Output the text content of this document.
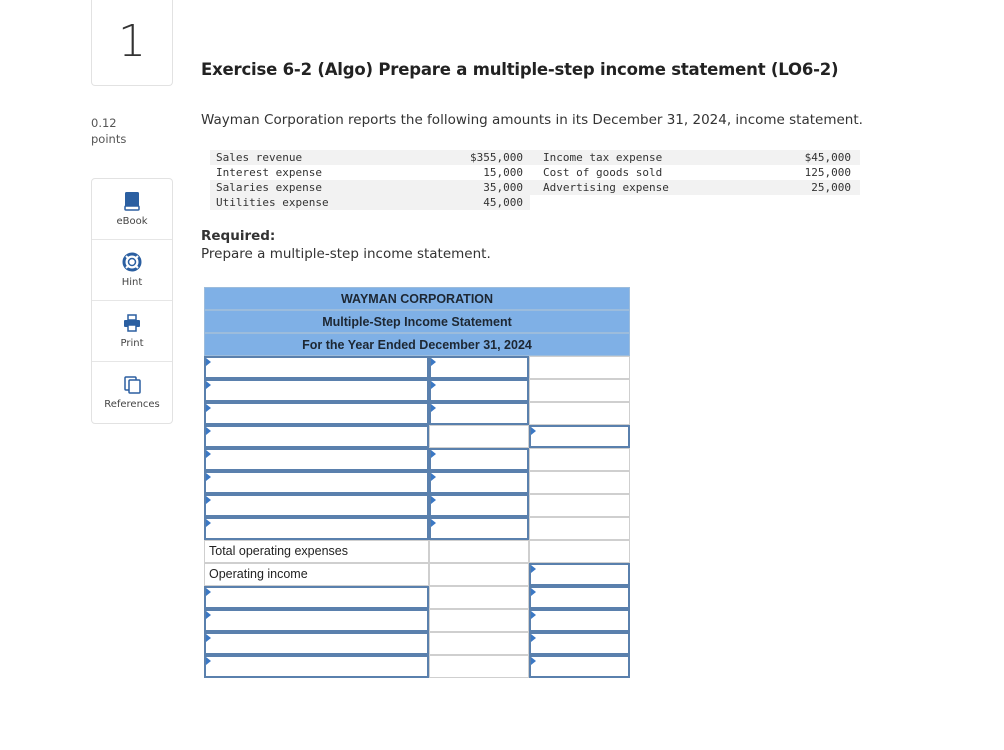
1
0.12
points
eBook
Hint
Print
References
Exercise 6-2 (Algo) Prepare a multiple-step income statement (LO6-2)
Wayman Corporation reports the following amounts in its December 31, 2024, income statement.
Sales revenue
Interest expense
Salaries expense
Utilities expense
$355,000
15,000
35,000
45,000
Income tax expense
Cost of goods sold
Advertising expense
$45,000
125,000
25,000
Required:
Prepare a multiple-step income statement.
WAYMAN CORPORATION
Multiple-Step Income Statement
For the Year Ended December 31, 2024
Total operating expenses
Operating income
